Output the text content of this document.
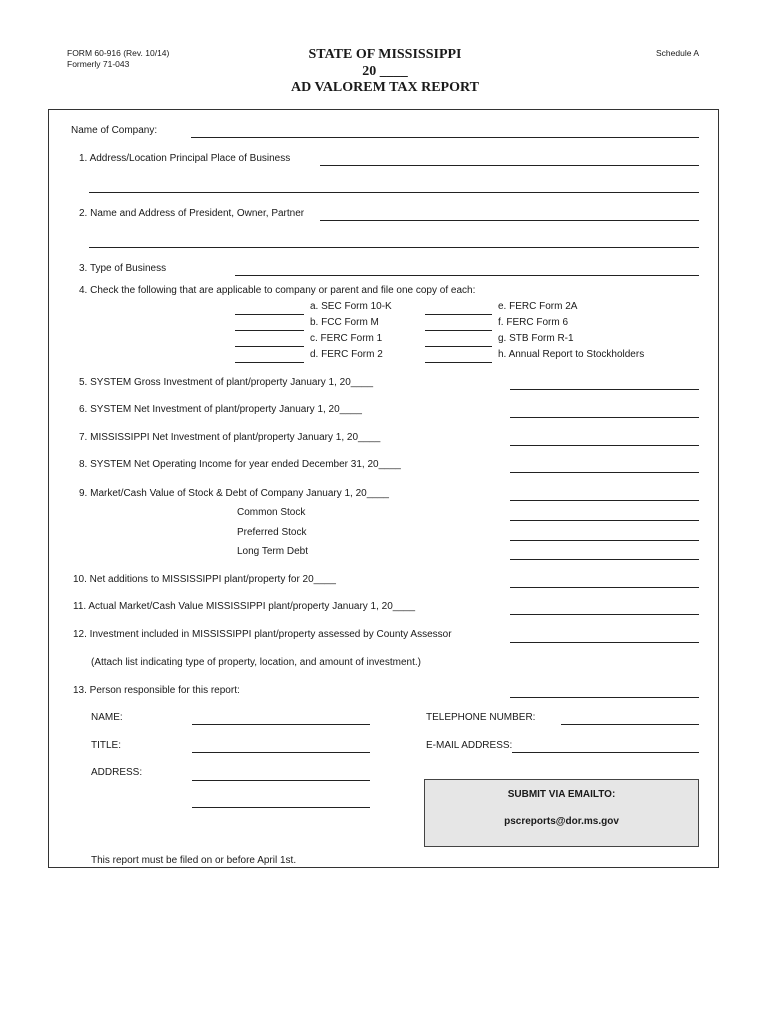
FORM 60-916 (Rev. 10/14)
Formerly 71-043
Schedule A
STATE OF MISSISSIPPI
20 ____
AD VALOREM TAX REPORT
Name of Company:
1. Address/Location Principal Place of Business
2. Name and Address of President, Owner, Partner
3. Type of Business
4. Check the following that are applicable to company or parent and file one copy of each:
a. SEC Form 10-K
b. FCC Form M
c. FERC Form 1
d. FERC Form 2
e. FERC Form 2A
f. FERC Form 6
g. STB Form R-1
h. Annual Report to Stockholders
5. SYSTEM Gross Investment of plant/property January 1, 20____
6. SYSTEM Net Investment of plant/property January 1, 20____
7. MISSISSIPPI Net Investment of plant/property January 1, 20____
8. SYSTEM Net Operating Income for year ended December 31, 20____
9. Market/Cash Value of Stock & Debt of Company January 1, 20____
Common Stock
Preferred Stock
Long Term Debt
10. Net additions to MISSISSIPPI plant/property for 20____
11. Actual Market/Cash Value MISSISSIPPI plant/property January 1, 20____
12. Investment included in MISSISSIPPI plant/property assessed by County Assessor
(Attach list indicating type of property, location, and amount of investment.)
13. Person responsible for this report:
NAME:	TELEPHONE NUMBER:
TITLE:	E-MAIL ADDRESS:
ADDRESS:
SUBMIT VIA EMAILTO:
pscreports@dor.ms.gov
This report must be filed on or before April 1st.
